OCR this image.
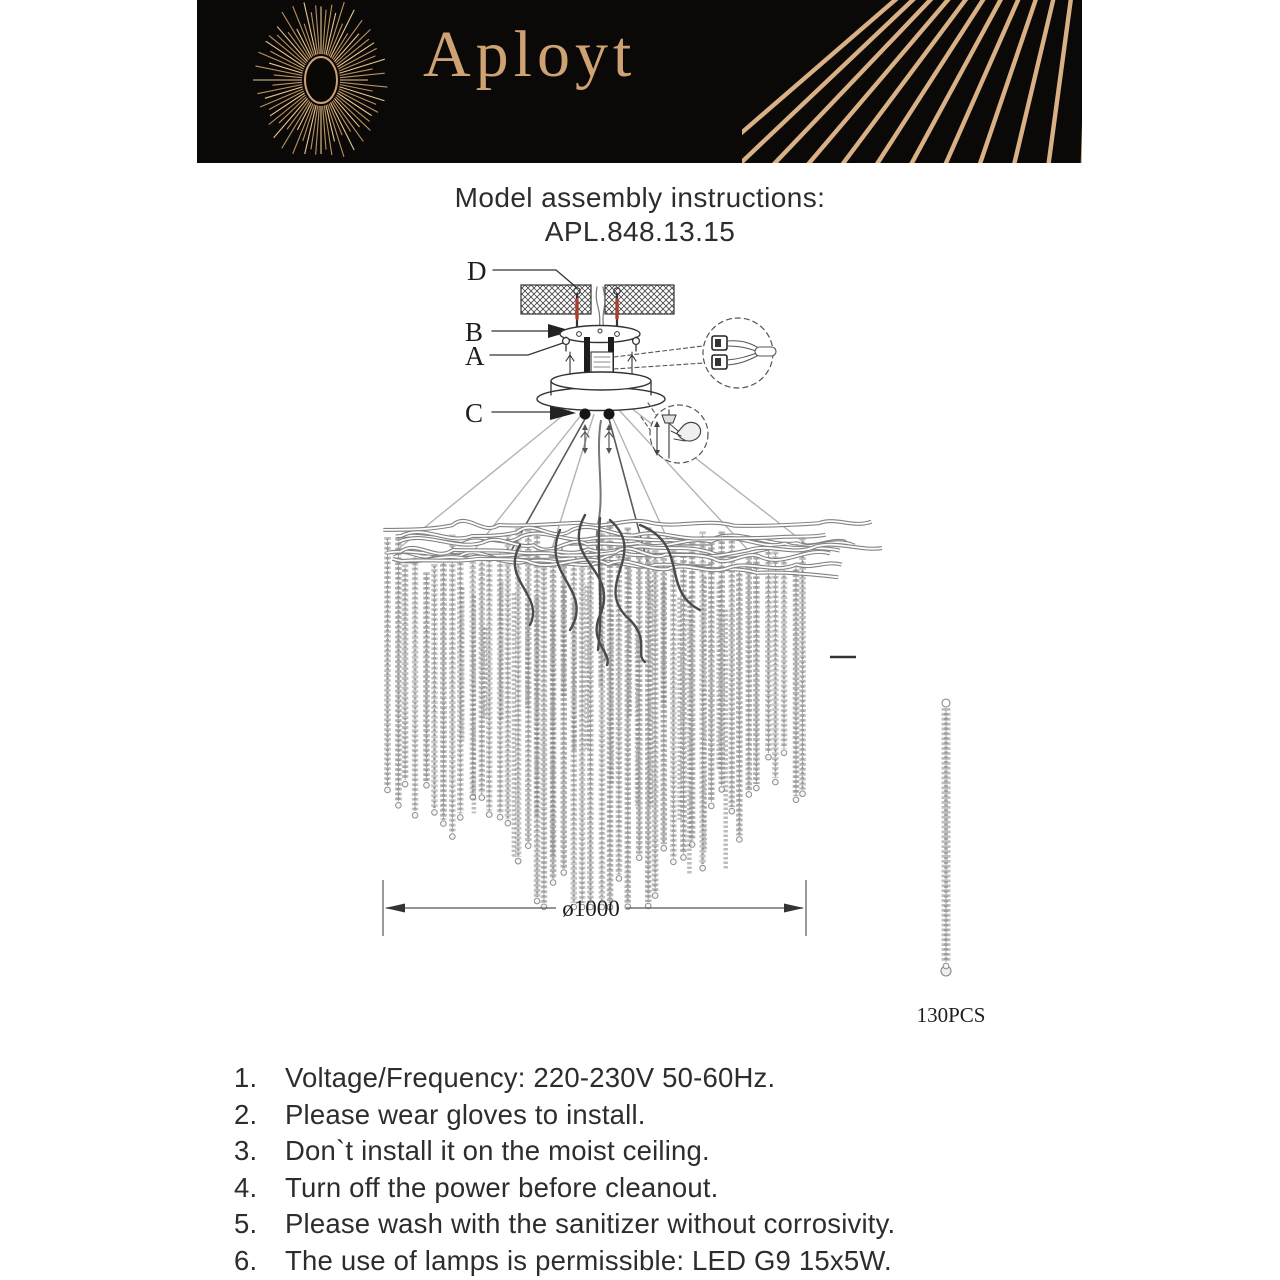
Aployt
Model assembly instructions:
APL.848.13.15
D
B
A
C
ø1000
130PCS
1.	Voltage/Frequency: 220-230V 50-60Hz.
2.	Please wear gloves to install.
3.	Don`t install it on the moist ceiling.
4.	Turn off the power before cleanout.
5.	Please wash with the sanitizer without corrosivity.
6.	The use of lamps is permissible: LED G9 15x5W.
